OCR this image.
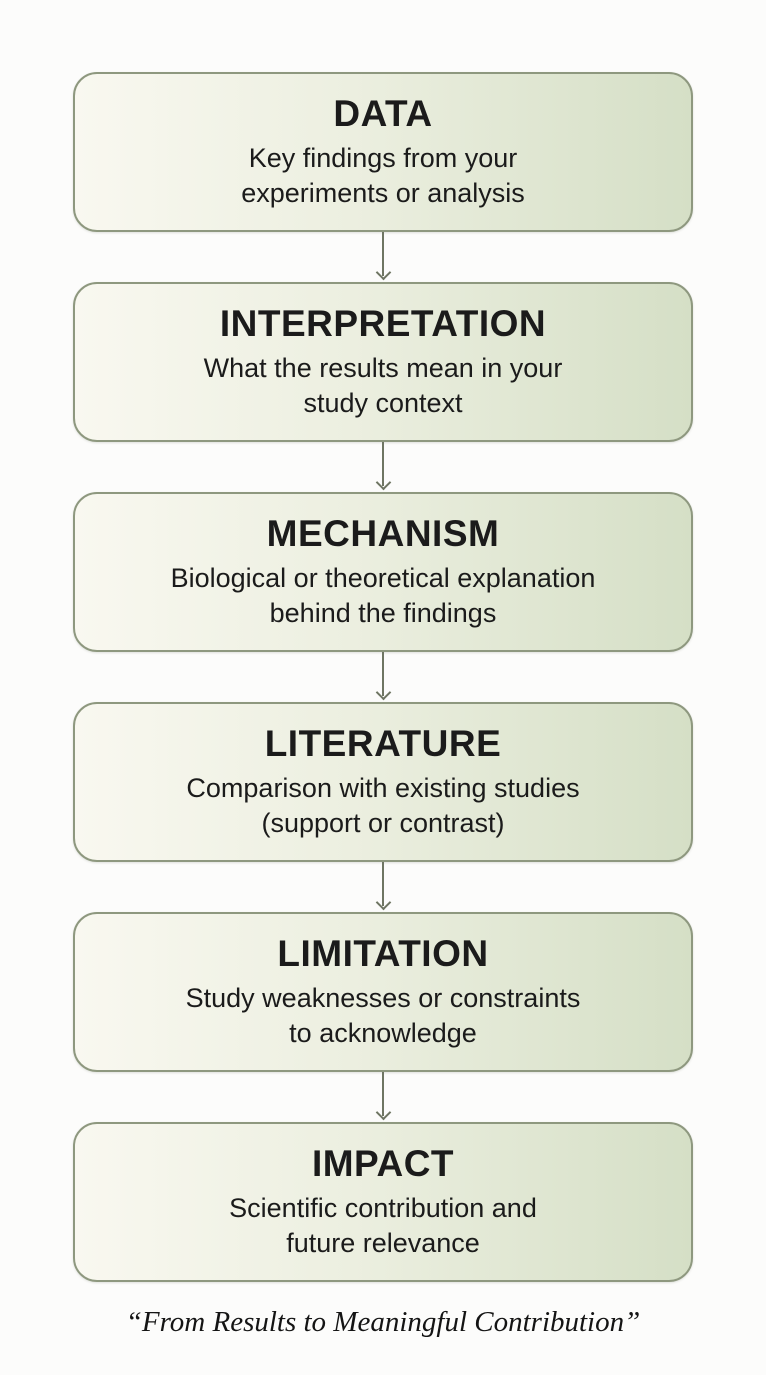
DATA
Key findings from your
experiments or analysis
INTERPRETATION
What the results mean in your
study context
MECHANISM
Biological or theoretical explanation
behind the findings
LITERATURE
Comparison with existing studies
(support or contrast)
LIMITATION
Study weaknesses or constraints
to acknowledge
IMPACT
Scientific contribution and
future relevance
“From Results to Meaningful Contribution”
